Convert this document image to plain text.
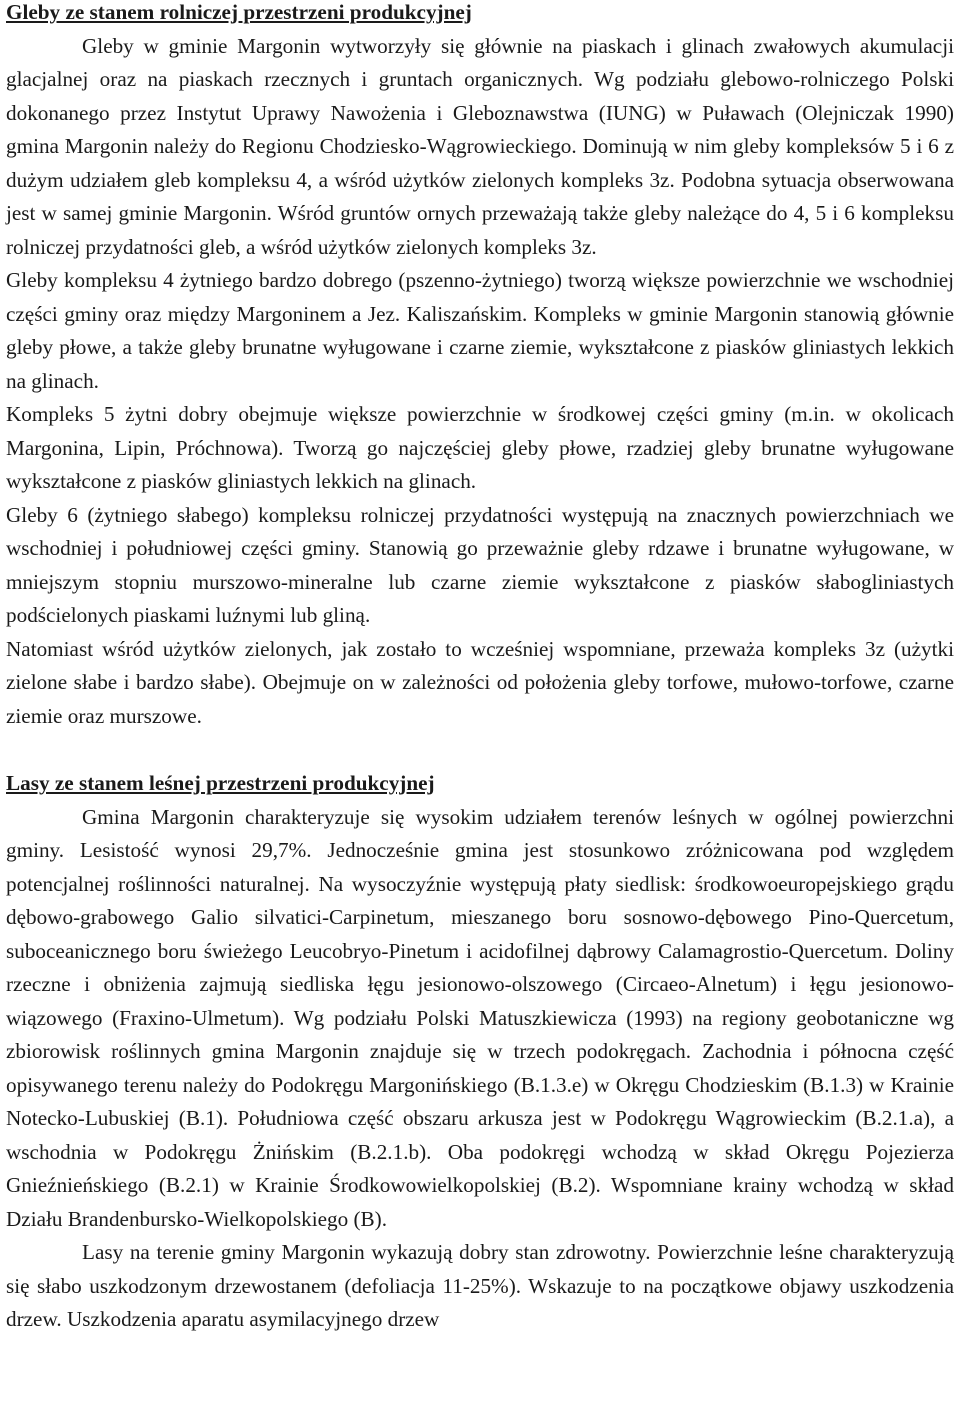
Gleby ze stanem rolniczej przestrzeni produkcyjnej

Gleby w gminie Margonin wytworzyły się głównie na piaskach i glinach zwałowych akumulacji glacjalnej oraz na piaskach rzecznych i gruntach organicznych. Wg podziału glebowo-rolniczego Polski dokonanego przez Instytut Uprawy Nawożenia i Gleboznawstwa (IUNG) w Puławach (Olejniczak 1990) gmina Margonin należy do Regionu Chodziesko-Wągrowieckiego. Dominują w nim gleby kompleksów 5 i 6 z dużym udziałem gleb kompleksu 4, a wśród użytków zielonych kompleks 3z. Podobna sytuacja obserwowana jest w samej gminie Margonin. Wśród gruntów ornych przeważają także gleby należące do 4, 5 i 6 kompleksu rolniczej przydatności gleb, a wśród użytków zielonych kompleks 3z.

Gleby kompleksu 4 żytniego bardzo dobrego (pszenno-żytniego) tworzą większe powierzchnie we wschodniej części gminy oraz między Margoninem a Jez. Kaliszańskim. Kompleks w gminie Margonin stanowią głównie gleby płowe, a także gleby brunatne wyługowane i czarne ziemie, wykształcone z piasków gliniastych lekkich na glinach.

Kompleks 5 żytni dobry obejmuje większe powierzchnie w środkowej części gminy (m.in. w okolicach Margonina, Lipin, Próchnowa). Tworzą go najczęściej gleby płowe, rzadziej gleby brunatne wyługowane wykształcone z piasków gliniastych lekkich na glinach.

Gleby 6 (żytniego słabego) kompleksu rolniczej przydatności występują na znacznych powierzchniach we wschodniej i południowej części gminy. Stanowią go przeważnie gleby rdzawe i brunatne wyługowane, w mniejszym stopniu murszowo-mineralne lub czarne ziemie wykształcone z piasków słabogliniastych podścielonych piaskami luźnymi lub gliną.

Natomiast wśród użytków zielonych, jak zostało to wcześniej wspomniane, przeważa kompleks 3z (użytki zielone słabe i bardzo słabe). Obejmuje on w zależności od położenia gleby torfowe, mułowo-torfowe, czarne ziemie oraz murszowe.

Lasy ze stanem leśnej przestrzeni produkcyjnej

Gmina Margonin charakteryzuje się wysokim udziałem terenów leśnych w ogólnej powierzchni gminy. Lesistość wynosi 29,7%. Jednocześnie gmina jest stosunkowo zróżnicowana pod względem potencjalnej roślinności naturalnej. Na wysoczyźnie występują płaty siedlisk: środkowoeuropejskiego grądu dębowo-grabowego Galio silvatici-Carpinetum, mieszanego boru sosnowo-dębowego Pino-Quercetum, suboceanicznego boru świeżego Leucobryo-Pinetum i acidofilnej dąbrowy Calamagrostio-Quercetum. Doliny rzeczne i obniżenia zajmują siedliska łęgu jesionowo-olszowego (Circaeo-Alnetum) i łęgu jesionowo-wiązowego (Fraxino-Ulmetum). Wg podziału Polski Matuszkiewicza (1993) na regiony geobotaniczne wg zbiorowisk roślinnych gmina Margonin znajduje się w trzech podokręgach. Zachodnia i północna część opisywanego terenu należy do Podokręgu Margonińskiego (B.1.3.e) w Okręgu Chodzieskim (B.1.3) w Krainie Notecko-Lubuskiej (B.1). Południowa część obszaru arkusza jest w Podokręgu Wągrowieckim (B.2.1.a), a wschodnia w Podokręgu Żnińskim (B.2.1.b). Oba podokręgi wchodzą w skład Okręgu Pojezierza Gnieźnieńskiego (B.2.1) w Krainie Środkowowielkopolskiej (B.2). Wspomniane krainy wchodzą w skład Działu Brandenbursko-Wielkopolskiego (B).

Lasy na terenie gminy Margonin wykazują dobry stan zdrowotny. Powierzchnie leśne charakteryzują się słabo uszkodzonym drzewostanem (defoliacja 11-25%). Wskazuje to na początkowe objawy uszkodzenia drzew. Uszkodzenia aparatu asymilacyjnego drzew
